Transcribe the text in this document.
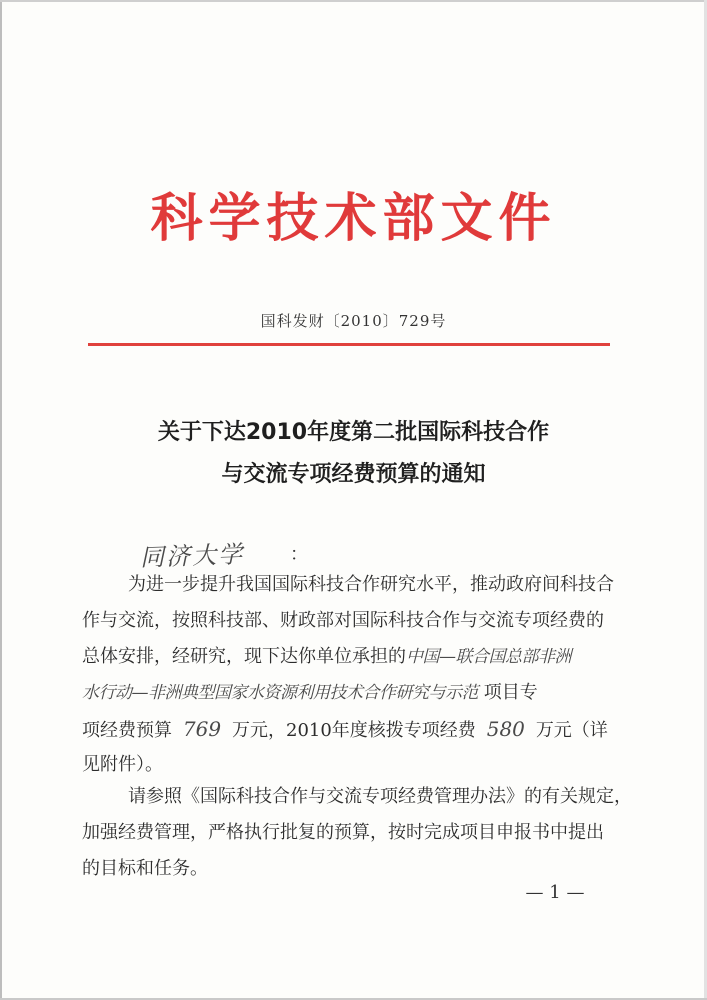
科学技术部文件
国科发财〔2010〕729号
关于下达2010年度第二批国际科技合作
与交流专项经费预算的通知
同济大学	：
为进一步提升我国国际科技合作研究水平，推动政府间科技合
作与交流，按照科技部、财政部对国际科技合作与交流专项经费的
总体安排，经研究，现下达你单位承担的中国—联合国总部非洲
水行动—非洲典型国家水资源利用技术合作研究与示范 项目专
项经费预算 769 万元，2010年度核拨专项经费 580 万元（详
见附件）。
请参照《国际科技合作与交流专项经费管理办法》的有关规定，
加强经费管理，严格执行批复的预算，按时完成项目申报书中提出
的目标和任务。
— 1 —
